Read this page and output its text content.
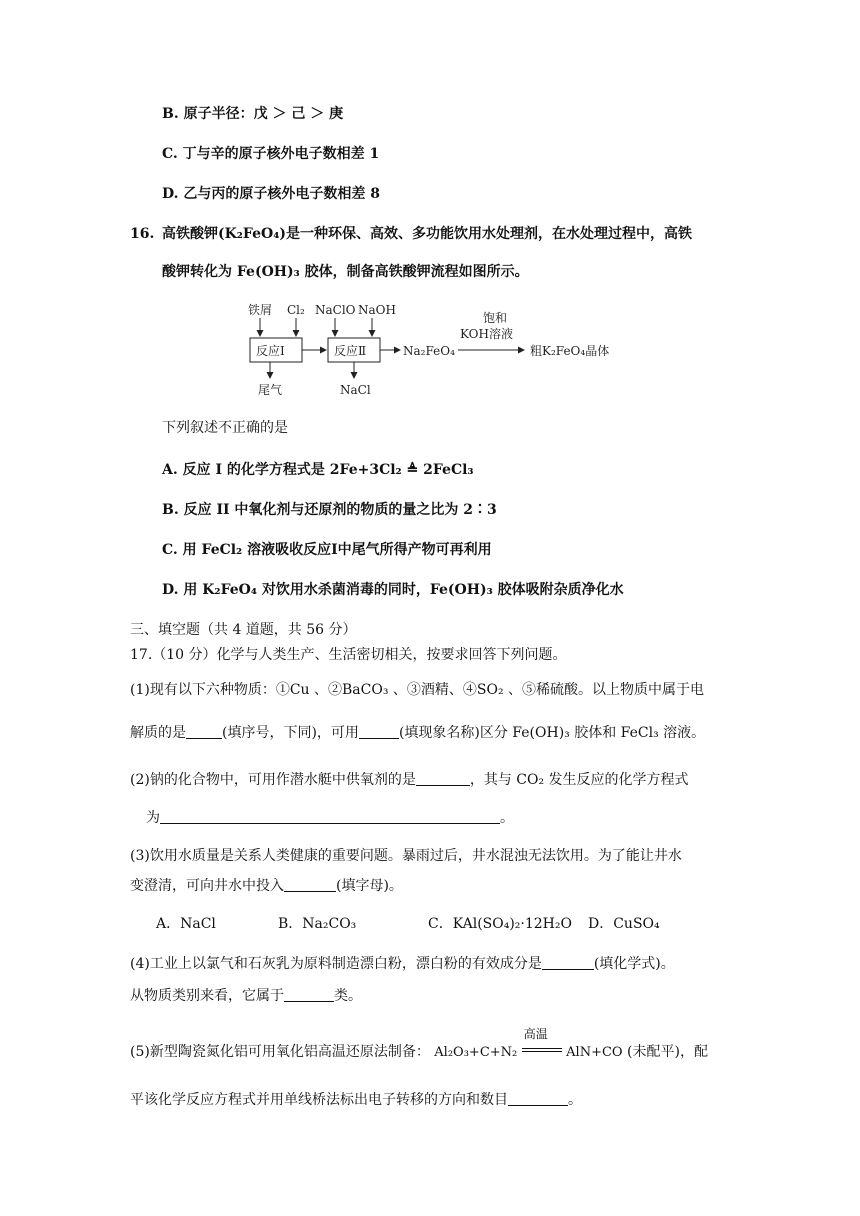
B. 原子半径：戊 ＞ 己 ＞ 庚
C. 丁与辛的原子核外电子数相差 1
D. 乙与丙的原子核外电子数相差 8
16. 高铁酸钾(K₂FeO₄)是一种环保、高效、多功能饮用水处理剂，在水处理过程中，高铁
酸钾转化为 Fe(OH)₃ 胶体，制备高铁酸钾流程如图所示。
铁屑 Cl₂ NaClO NaOH
反应Ⅰ	反应Ⅱ	Na₂FeO₄
尾气	NaCl
饱和
KOH溶液
粗K₂FeO₄晶体
下列叙述不正确的是
A. 反应 I 的化学方程式是 2Fe+3Cl₂ ≜ 2FeCl₃
B. 反应 II 中氧化剂与还原剂的物质的量之比为 2∶3
C. 用 FeCl₂ 溶液吸收反应Ⅰ中尾气所得产物可再利用
D. 用 K₂FeO₄ 对饮用水杀菌消毒的同时，Fe(OH)₃ 胶体吸附杂质净化水
三、填空题（共 4 道题，共 56 分）
17.（10 分）化学与人类生产、生活密切相关，按要求回答下列问题。
(1)现有以下六种物质：①Cu 、②BaCO₃ 、③酒精、④SO₂ 、⑤稀硫酸。以上物质中属于电
解质的是	(填序号，下同)，可用	(填现象名称)区分 Fe(OH)₃ 胶体和 FeCl₃ 溶液。
(2)钠的化合物中，可用作潜水艇中供氧剂的是	，其与 CO₂ 发生反应的化学方程式
为	。
(3)饮用水质量是关系人类健康的重要问题。暴雨过后，井水混浊无法饮用。为了能让井水
变澄清，可向井水中投入	(填字母)。
A．NaCl	B．Na₂CO₃	C．KAl(SO₄)₂·12H₂O D．CuSO₄
(4)工业上以氯气和石灰乳为原料制造漂白粉，漂白粉的有效成分是	(填化学式)。
从物质类别来看，它属于	类。
(5)新型陶瓷氮化铝可用氧化铝高温还原法制备： Al₂O₃+C+N₂
高温
AlN+CO (未配平)，配
平该化学反应方程式并用单线桥法标出电子转移的方向和数目	。
